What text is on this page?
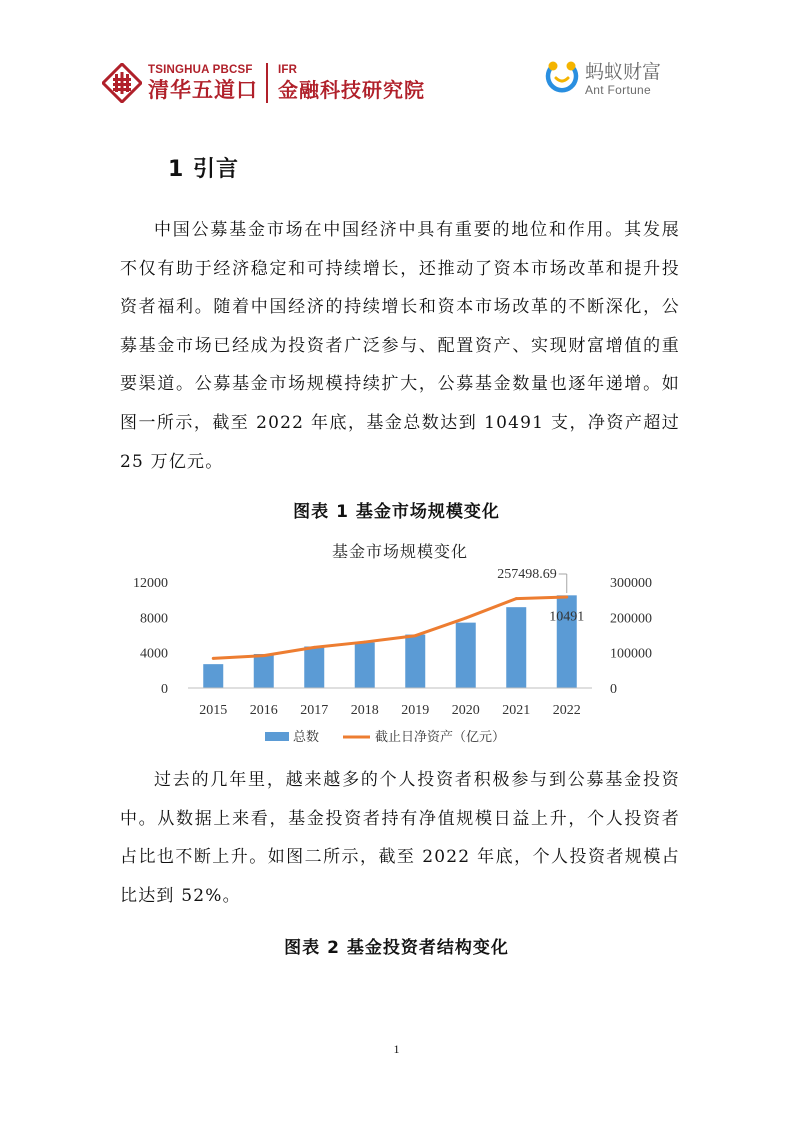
TSINGHUA PBCSF
清华五道口
IFR
金融科技研究院
蚂蚁财富
Ant Fortune
1 引言

中国公募基金市场在中国经济中具有重要的地位和作用。其发展不仅有助于经济稳定和可持续增长，还推动了资本市场改革和提升投资者福利。随着中国经济的持续增长和资本市场改革的不断深化，公募基金市场已经成为投资者广泛参与、配置资产、实现财富增值的重要渠道。公募基金市场规模持续扩大，公募基金数量也逐年递增。如图一所示，截至 2022 年底，基金总数达到 10491 支，净资产超过 25 万亿元。

图表 1 基金市场规模变化

基金市场规模变化
0
4000
8000
12000
0
100000
200000
300000
2015 2016 2017 2018 2019 2020 2021 2022
257498.69
10491
总数	截止日净资产（亿元）

过去的几年里，越来越多的个人投资者积极参与到公募基金投资中。从数据上来看，基金投资者持有净值规模日益上升，个人投资者占比也不断上升。如图二所示，截至 2022 年底，个人投资者规模占比达到 52%。

图表 2 基金投资者结构变化

1
